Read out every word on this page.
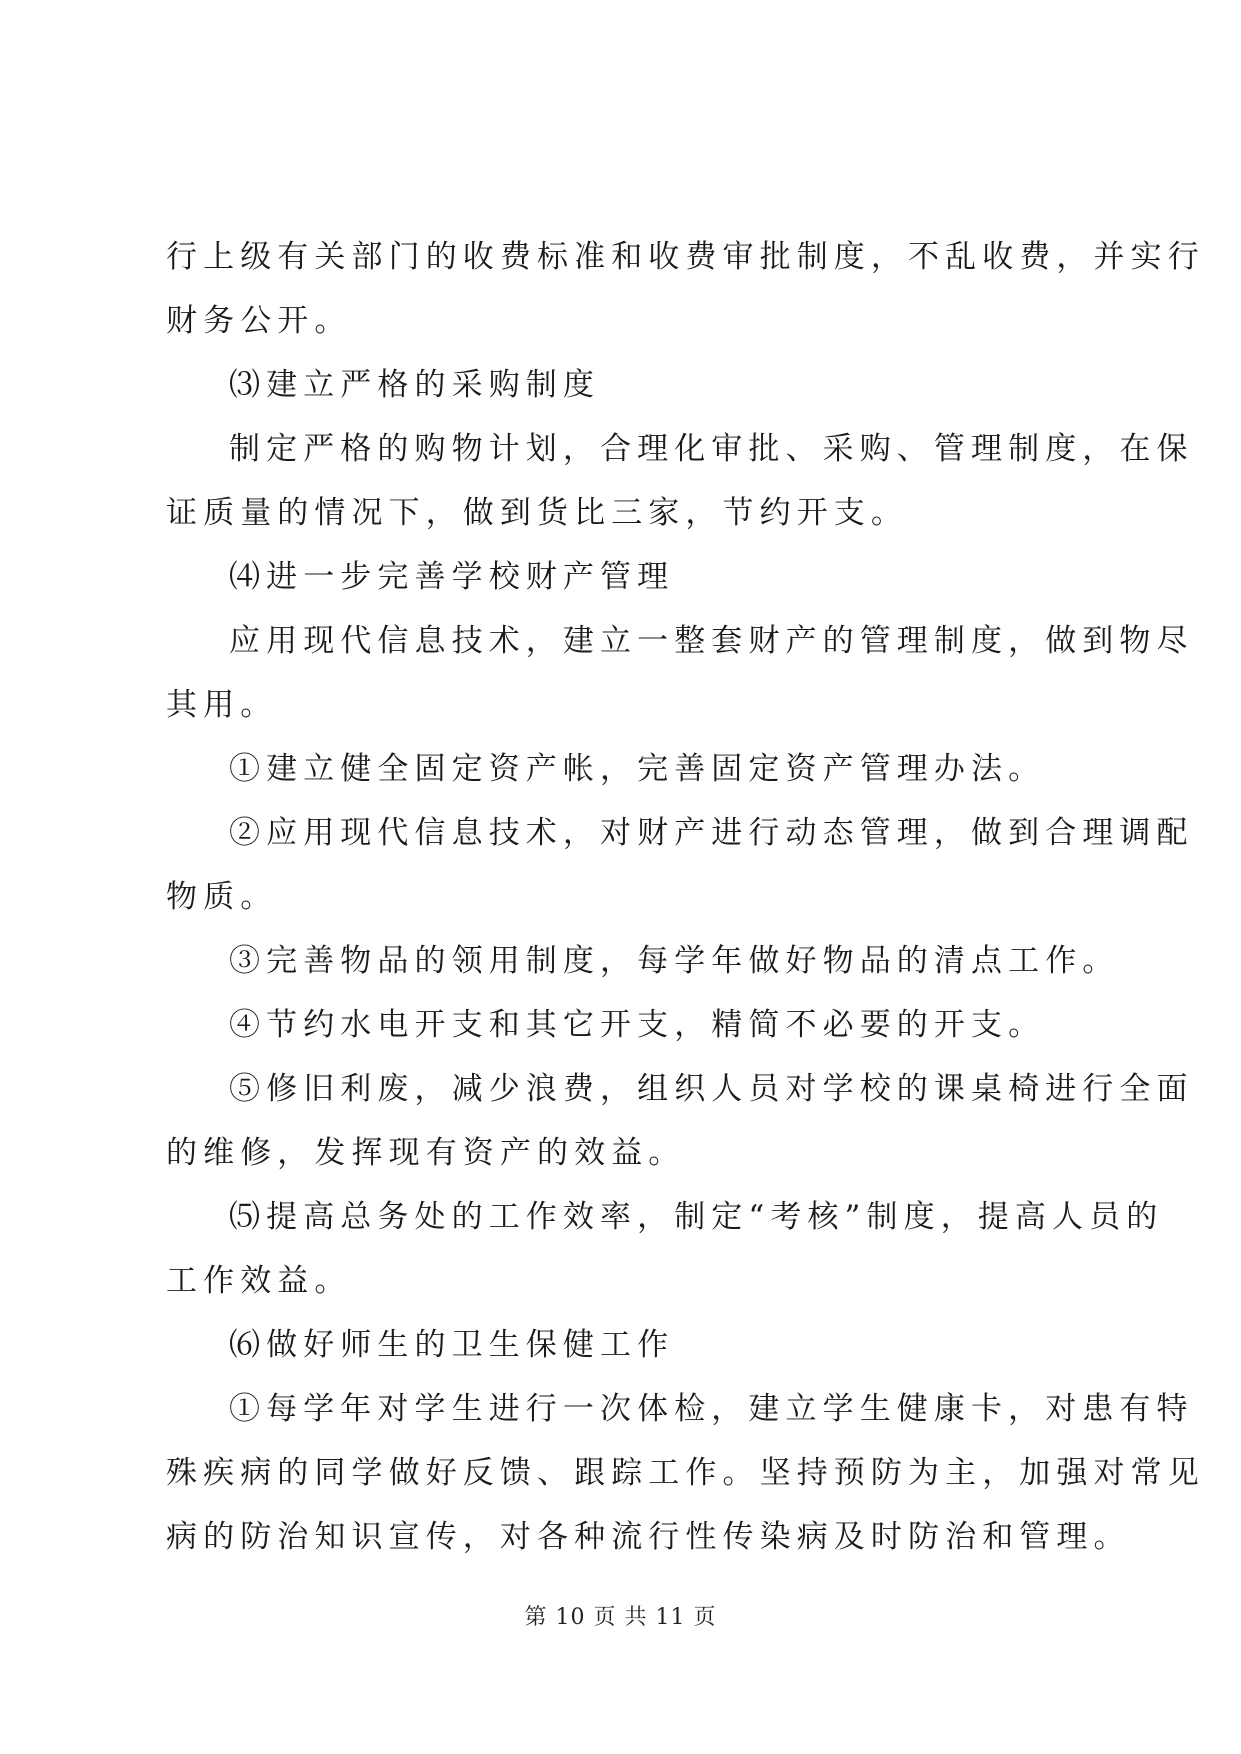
行上级有关部门的收费标准和收费审批制度，不乱收费，并实行
财务公开。
⑶建立严格的采购制度
制定严格的购物计划，合理化审批、采购、管理制度，在保
证质量的情况下，做到货比三家，节约开支。
⑷进一步完善学校财产管理
应用现代信息技术，建立一整套财产的管理制度，做到物尽
其用。
①建立健全固定资产帐，完善固定资产管理办法。
②应用现代信息技术，对财产进行动态管理，做到合理调配
物质。
③完善物品的领用制度，每学年做好物品的清点工作。
④节约水电开支和其它开支，精简不必要的开支。
⑤修旧利废，减少浪费，组织人员对学校的课桌椅进行全面
的维修，发挥现有资产的效益。
⑸提高总务处的工作效率，制定“考核”制度，提高人员的
工作效益。
⑹做好师生的卫生保健工作
①每学年对学生进行一次体检，建立学生健康卡，对患有特
殊疾病的同学做好反馈、跟踪工作。坚持预防为主，加强对常见
病的防治知识宣传，对各种流行性传染病及时防治和管理。
第 10 页 共 11 页
